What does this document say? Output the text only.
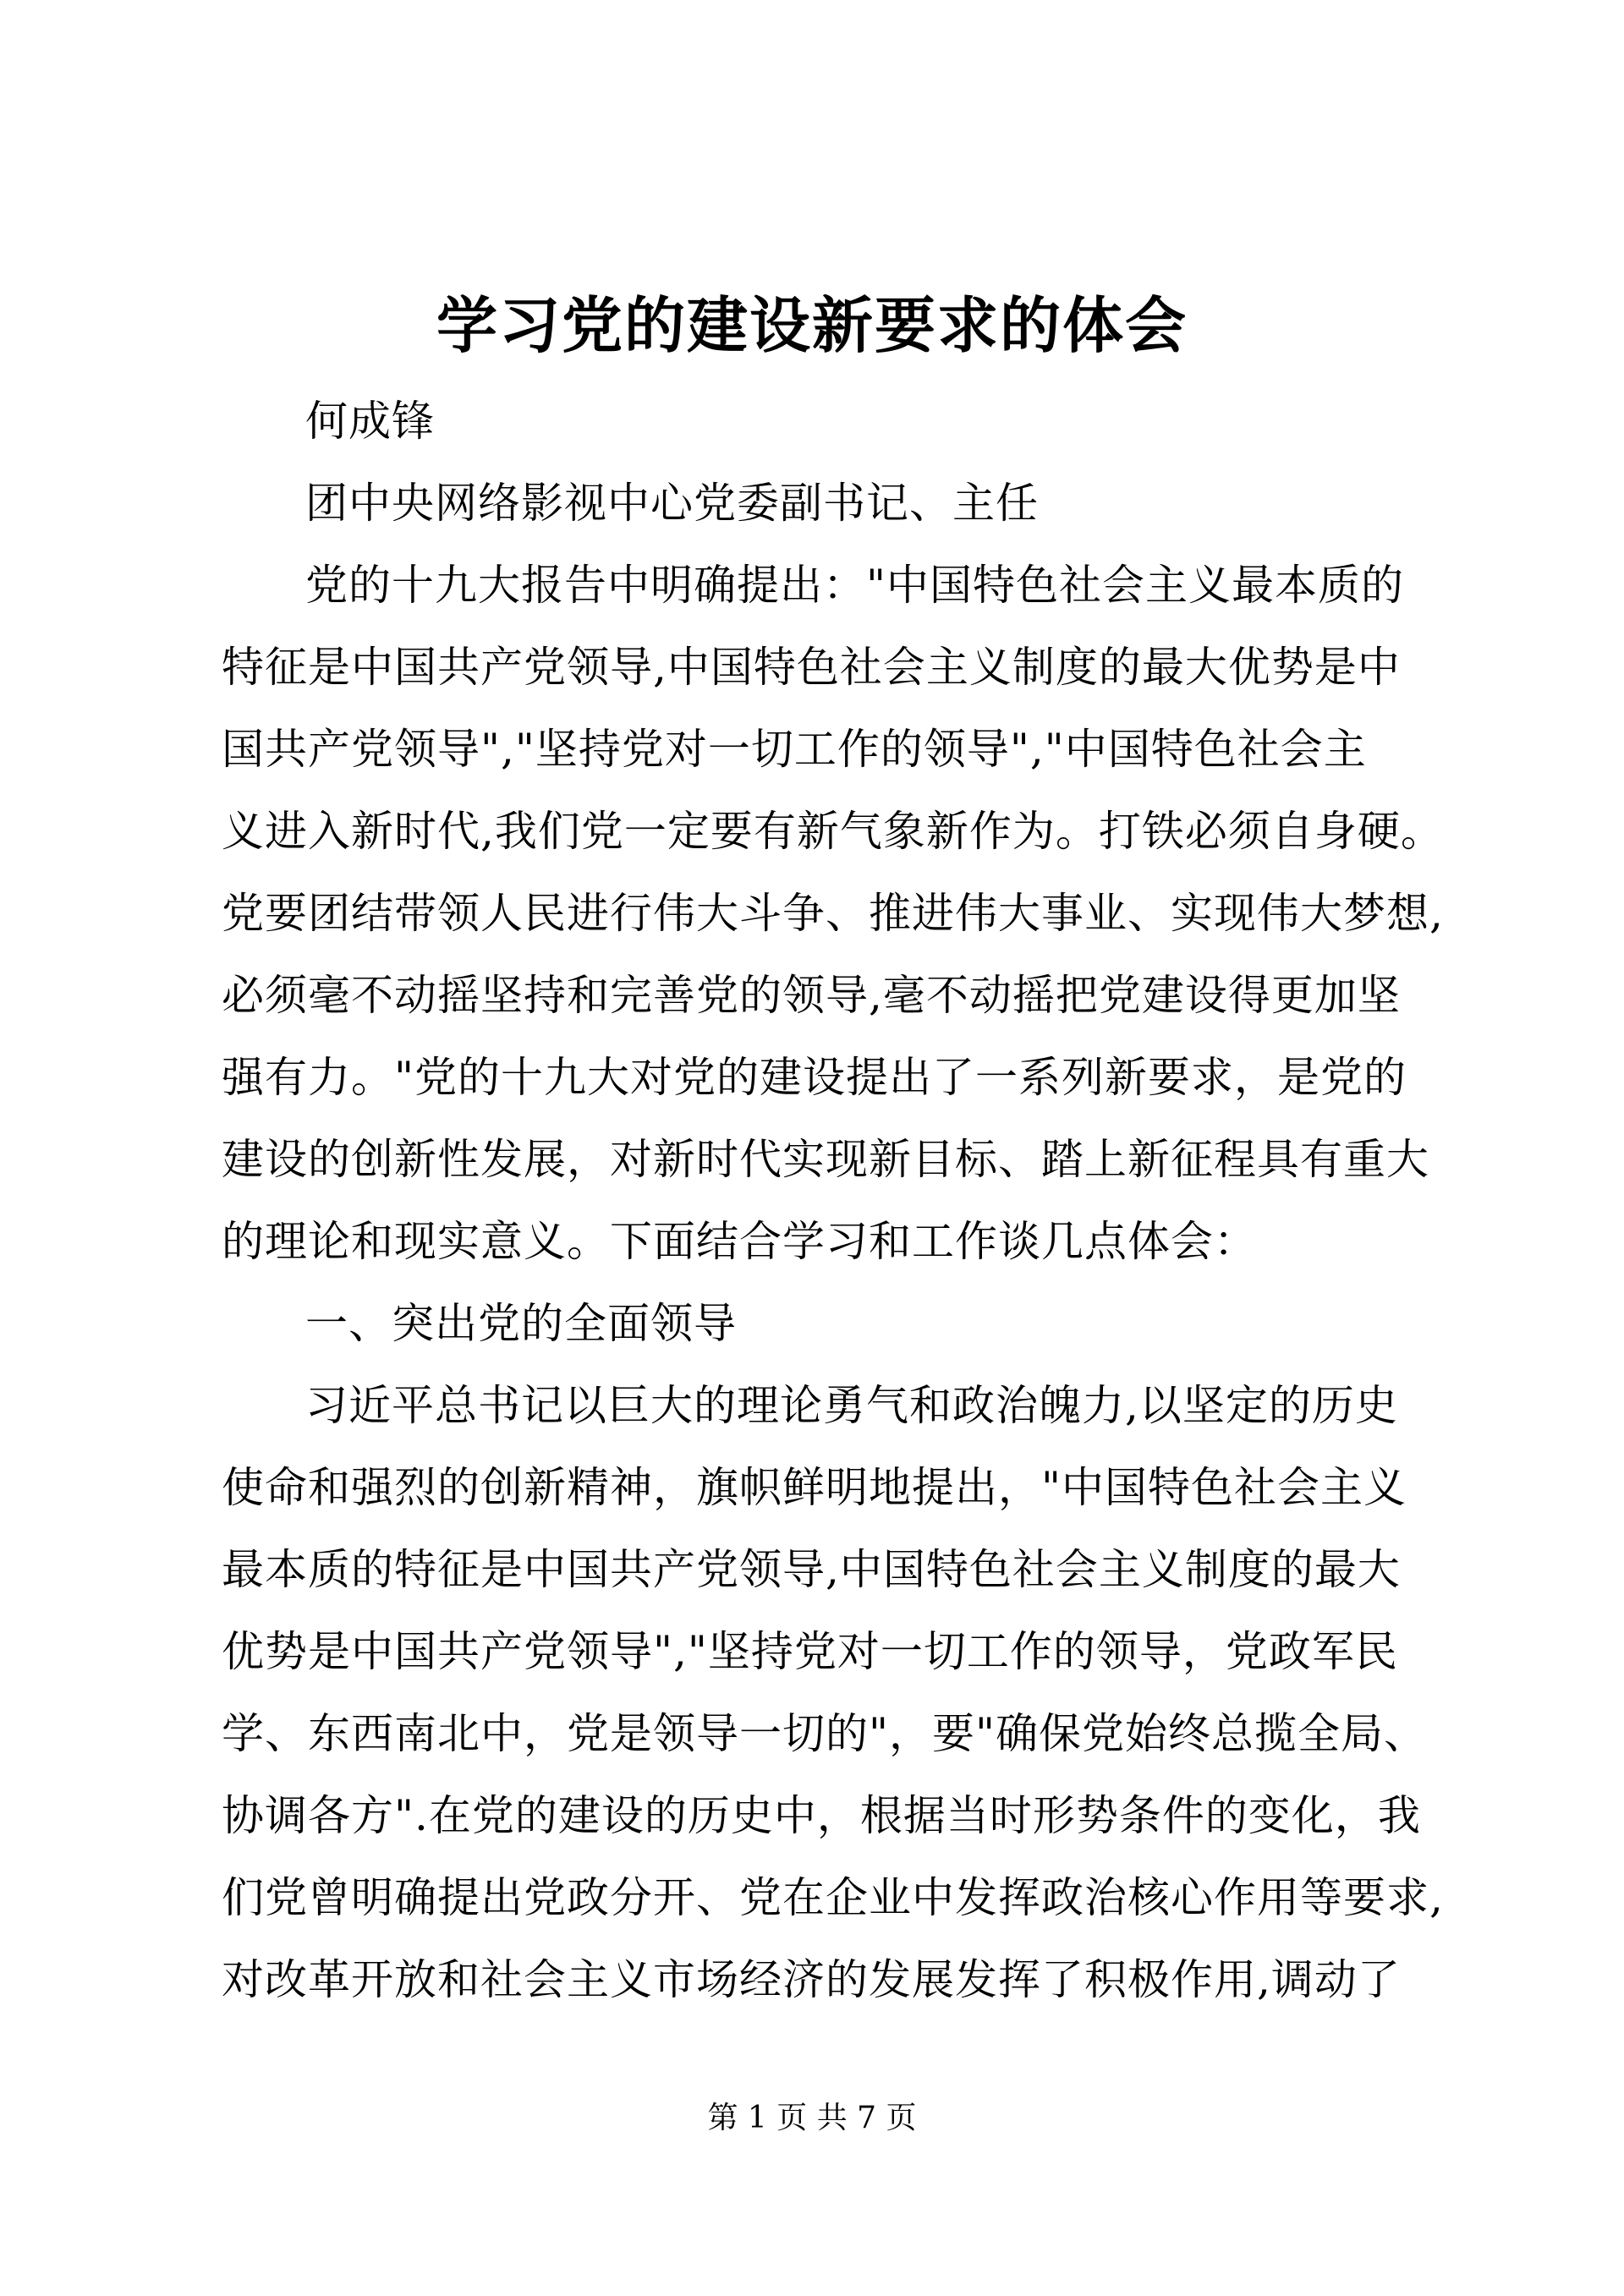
学习党的建设新要求的体会
何成锋
团中央网络影视中心党委副书记、主任
党的十九大报告中明确提出："中国特色社会主义最本质的
特征是中国共产党领导,中国特色社会主义制度的最大优势是中
国共产党领导","坚持党对一切工作的领导","中国特色社会主
义进入新时代,我们党一定要有新气象新作为。打铁必须自身硬。
党要团结带领人民进行伟大斗争、推进伟大事业、实现伟大梦想,
必须毫不动摇坚持和完善党的领导,毫不动摇把党建设得更加坚
强有力。"党的十九大对党的建设提出了一系列新要求，是党的
建设的创新性发展，对新时代实现新目标、踏上新征程具有重大
的理论和现实意义。下面结合学习和工作谈几点体会：
一、突出党的全面领导
习近平总书记以巨大的理论勇气和政治魄力,以坚定的历史
使命和强烈的创新精神，旗帜鲜明地提出，"中国特色社会主义
最本质的特征是中国共产党领导,中国特色社会主义制度的最大
优势是中国共产党领导","坚持党对一切工作的领导，党政军民
学、东西南北中，党是领导一切的"，要"确保党始终总揽全局、
协调各方".在党的建设的历史中，根据当时形势条件的变化，我
们党曾明确提出党政分开、党在企业中发挥政治核心作用等要求,
对改革开放和社会主义市场经济的发展发挥了积极作用,调动了
第 1 页 共 7 页
